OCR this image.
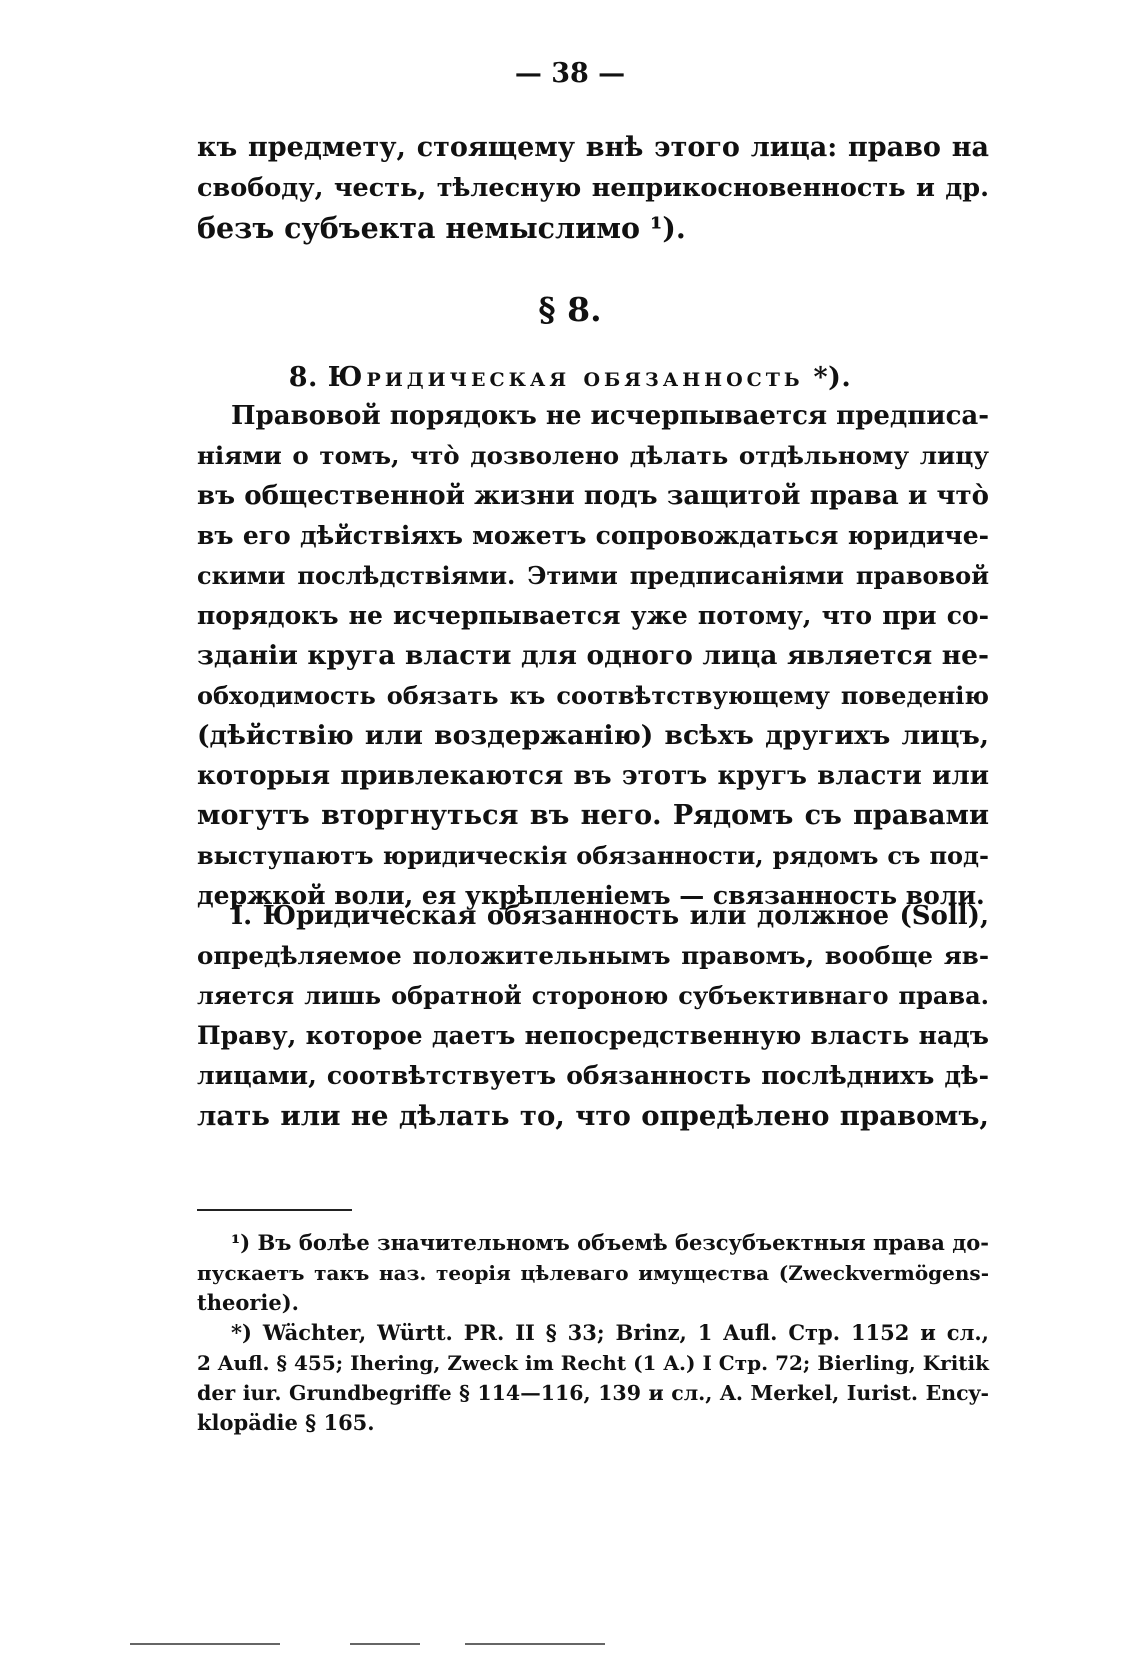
— 38 —
къ предмету, стоящему внѣ этого лица: право на
свободу, честь, тѣлесную неприкосновенность и др.
безъ субъекта немыслимо ¹).
§ 8.
8. Юридическая обязанность *).
Правовой порядокъ не исчерпывается предписа-
ніями о томъ, что̀ дозволено дѣлать отдѣльному лицу
въ общественной жизни подъ защитой права и что̀
въ его дѣйствіяхъ можетъ сопровождаться юридиче-
скими послѣдствіями. Этими предписаніями правовой
порядокъ не исчерпывается уже потому, что при со-
зданіи круга власти для одного лица является не-
обходимость обязать къ соотвѣтствующему поведенію
(дѣйствію или воздержанію) всѣхъ другихъ лицъ,
которыя привлекаются въ этотъ кругъ власти или
могутъ вторгнуться въ него. Рядомъ съ правами
выступаютъ юридическія обязанности, рядомъ съ под-
держкой воли, ея укрѣпленіемъ — связанность воли.
I. Юридическая обязанность или должное (Soll),
опредѣляемое положительнымъ правомъ, вообще яв-
ляется лишь обратной стороною субъективнаго права.
Праву, которое даетъ непосредственную власть надъ
лицами, соотвѣтствуетъ обязанность послѣднихъ дѣ-
лать или не дѣлать то, что опредѣлено правомъ,
¹) Въ болѣе значительномъ объемѣ безсубъектныя права до-
пускаетъ такъ наз. теорія цѣлеваго имущества (Zweckvermögens-
theorie).
*) Wächter, Württ. PR. II § 33; Brinz, 1 Aufl. Стр. 1152 и сл.,
2 Aufl. § 455; Ihering, Zweck im Recht (1 A.) I Стр. 72; Bierling, Kritik
der iur. Grundbegriffe § 114—116, 139 и сл., A. Merkel, Iurist. Ency-
klopädie § 165.
